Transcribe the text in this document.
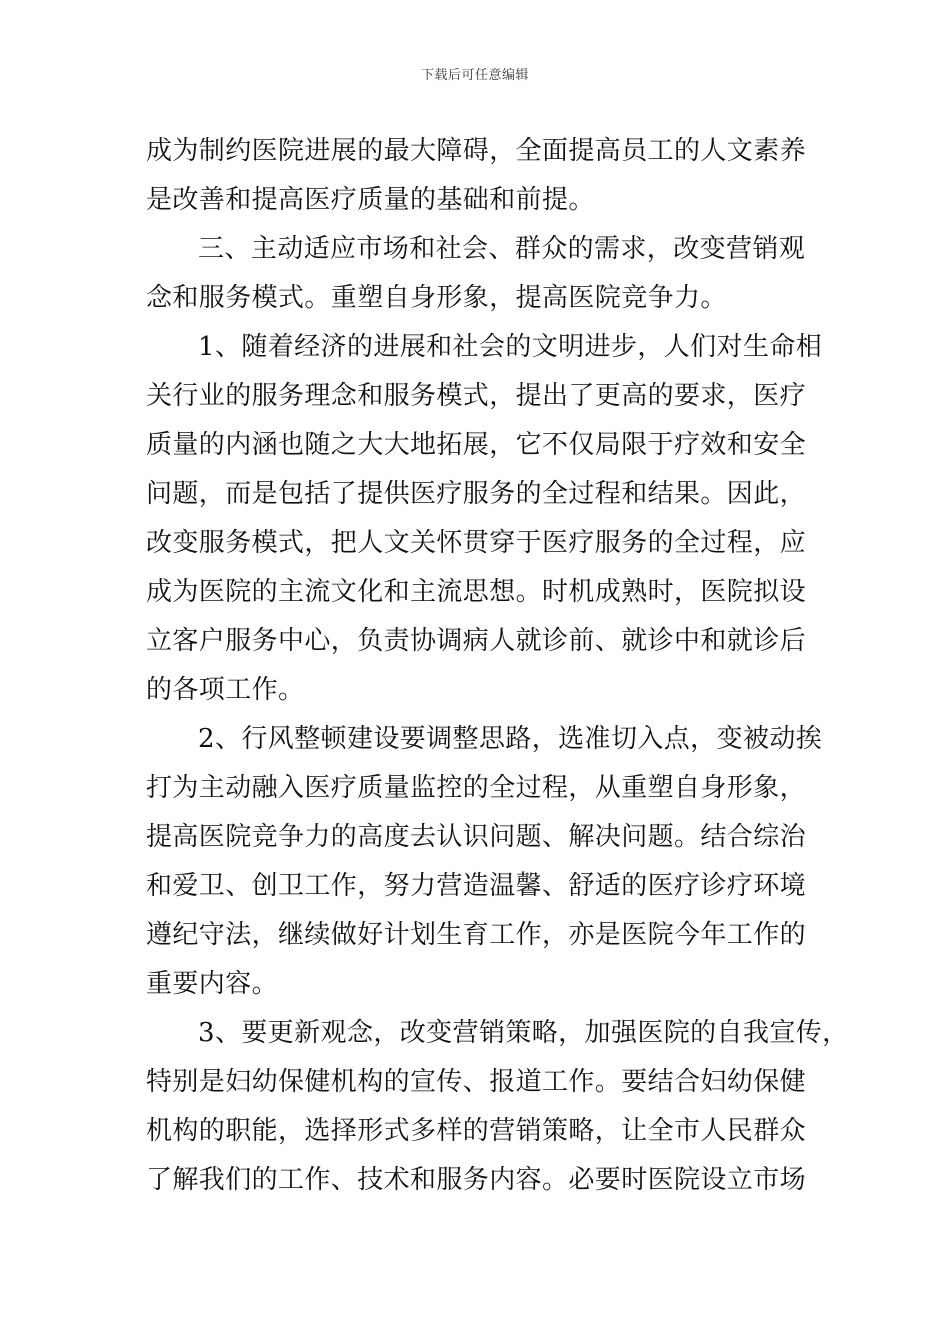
下载后可任意编辑
成为制约医院进展的最大障碍，全面提高员工的人文素养
是改善和提高医疗质量的基础和前提。
三、主动适应市场和社会、群众的需求，改变营销观
念和服务模式。重塑自身形象，提高医院竞争力。
1、随着经济的进展和社会的文明进步，人们对生命相
关行业的服务理念和服务模式，提出了更高的要求，医疗
质量的内涵也随之大大地拓展，它不仅局限于疗效和安全
问题，而是包括了提供医疗服务的全过程和结果。因此，
改变服务模式，把人文关怀贯穿于医疗服务的全过程，应
成为医院的主流文化和主流思想。时机成熟时，医院拟设
立客户服务中心，负责协调病人就诊前、就诊中和就诊后
的各项工作。
2、行风整顿建设要调整思路，选准切入点，变被动挨
打为主动融入医疗质量监控的全过程，从重塑自身形象，
提高医院竞争力的高度去认识问题、解决问题。结合综治
和爱卫、创卫工作，努力营造温馨、舒适的医疗诊疗环境
遵纪守法，继续做好计划生育工作，亦是医院今年工作的
重要内容。
3、要更新观念，改变营销策略，加强医院的自我宣传，
特别是妇幼保健机构的宣传、报道工作。要结合妇幼保健
机构的职能，选择形式多样的营销策略，让全市人民群众
了解我们的工作、技术和服务内容。必要时医院设立市场
